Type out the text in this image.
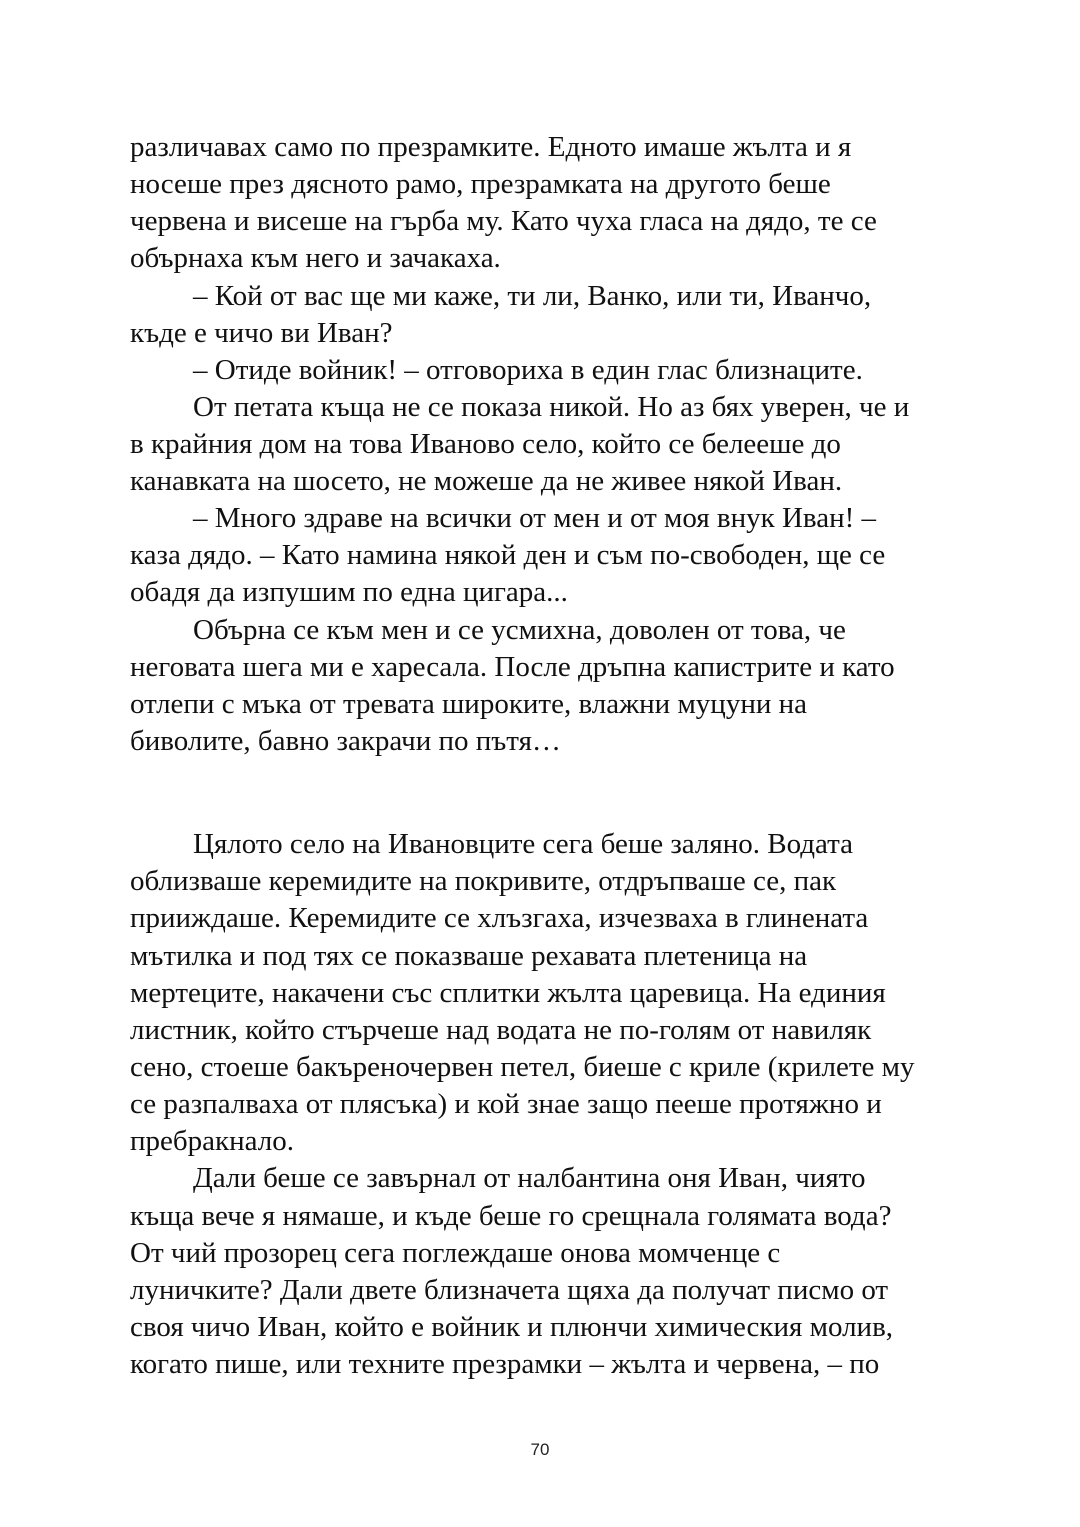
различавах само по презрамките. Едното имаше жълта и я

носеше през дясното рамо, презрамката на другото беше

червена и висеше на гърба му. Като чуха гласа на дядо, те се

обърнаха към него и зачакаха.

– Кой от вас ще ми каже, ти ли, Ванко, или ти, Иванчо,

къде е чичо ви Иван?

– Отиде войник! – отговориха в един глас близнаците.

От петата къща не се показа никой. Но аз бях уверен, че и

в крайния дом на това Иваново село, който се белееше до

канавката на шосето, не можеше да не живее някой Иван.

– Много здраве на всички от мен и от моя внук Иван! –

каза дядо. – Като намина някой ден и съм по-свободен, ще се

обадя да изпушим по една цигара...

Обърна се към мен и се усмихна, доволен от това, че

неговата шега ми е харесала. После дръпна капистрите и като

отлепи с мъка от тревата широките, влажни муцуни на

биволите, бавно закрачи по пътя…

Цялото село на Ивановците сега беше заляно. Водата

облизваше керемидите на покривите, отдръпваше се, пак

прииждаше. Керемидите се хлъзгаха, изчезваха в глинената

мътилка и под тях се показваше рехавата плетеница на

мертеците, накачени със сплитки жълта царевица. На единия

листник, който стърчеше над водата не по-голям от навиляк

сено, стоеше бакъреночервен петел, биеше с криле (крилете му

се разпалваха от плясъка) и кой знае защо пееше протяжно и

пребракнало.

Дали беше се завърнал от налбантина оня Иван, чиято

къща вече я нямаше, и къде беше го срещнала голямата вода?

От чий прозорец сега поглеждаше онова момченце с

луничките? Дали двете близначета щяха да получат писмо от

своя чичо Иван, който е войник и плюнчи химическия молив,

когато пише, или техните презрамки – жълта и червена, – по

70
